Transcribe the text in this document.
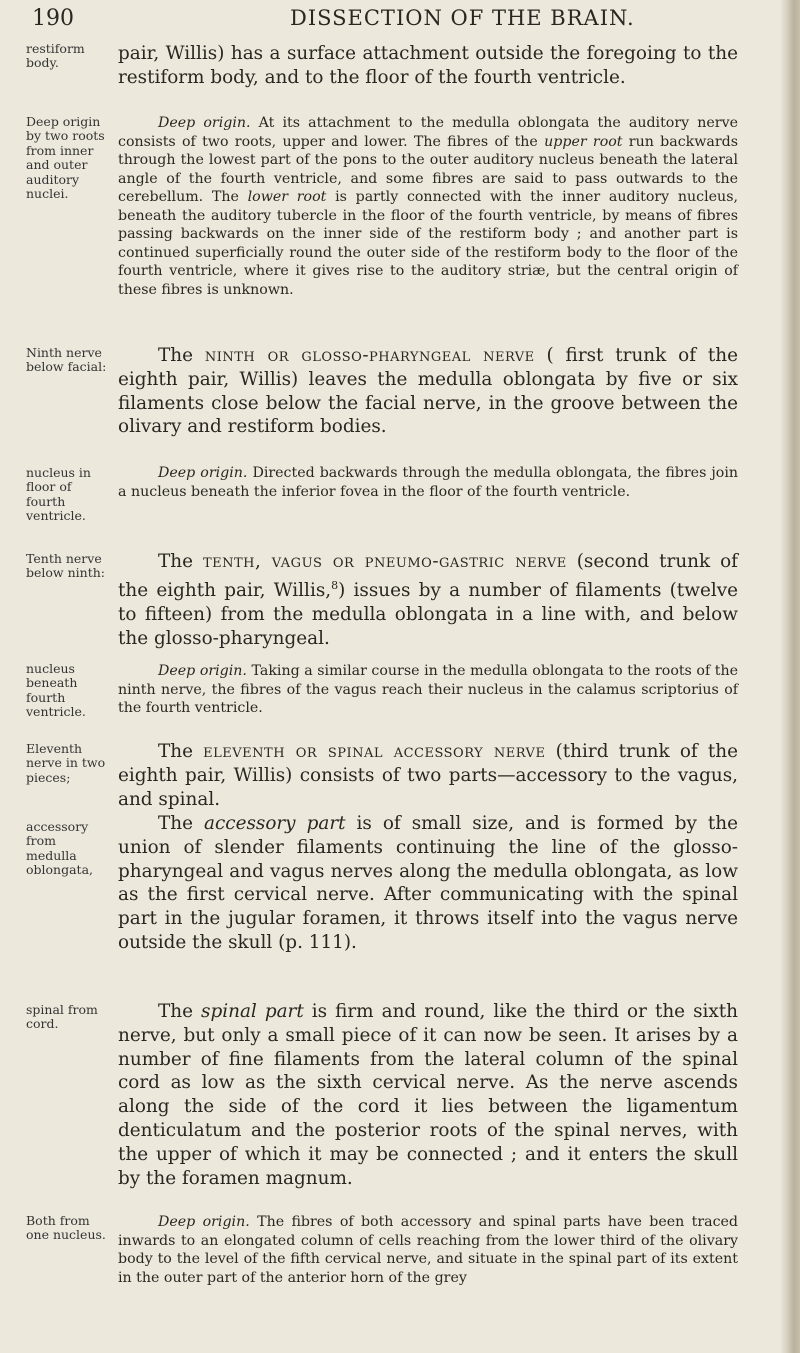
190	DISSECTION OF THE BRAIN.
restiform body.
Deep origin by two roots from inner and outer auditory nuclei.
Ninth nerve below facial:
nucleus in floor of fourth ventricle.
Tenth nerve below ninth:
nucleus beneath fourth ventricle.
Eleventh nerve in two pieces;
accessory from medulla oblongata,
spinal from cord.
Both from one nucleus.

pair, Willis) has a surface attachment outside the foregoing to the restiform body, and to the floor of the fourth ventricle.

Deep origin. At its attachment to the medulla oblongata the auditory nerve consists of two roots, upper and lower. The fibres of the upper root run backwards through the lowest part of the pons to the outer auditory nucleus beneath the lateral angle of the fourth ventricle, and some fibres are said to pass outwards to the cerebellum. The lower root is partly connected with the inner auditory nucleus, beneath the auditory tubercle in the floor of the fourth ventricle, by means of fibres passing backwards on the inner side of the restiform body ; and another part is continued superficially round the outer side of the restiform body to the floor of the fourth ventricle, where it gives rise to the auditory striæ, but the central origin of these fibres is unknown.

The ninth or glosso-pharyngeal nerve ( first trunk of the eighth pair, Willis) leaves the medulla oblongata by five or six filaments close below the facial nerve, in the groove between the olivary and restiform bodies.

Deep origin. Directed backwards through the medulla oblongata, the fibres join a nucleus beneath the inferior fovea in the floor of the fourth ventricle.

The tenth, vagus or pneumo-gastric nerve (second trunk of the eighth pair, Willis,$^8$) issues by a number of filaments (twelve to fifteen) from the medulla oblongata in a line with, and below the glosso-pharyngeal.

Deep origin. Taking a similar course in the medulla oblongata to the roots of the ninth nerve, the fibres of the vagus reach their nucleus in the calamus scriptorius of the fourth ventricle.

The eleventh or spinal accessory nerve (third trunk of the eighth pair, Willis) consists of two parts—accessory to the vagus, and spinal.

The accessory part is of small size, and is formed by the union of slender filaments continuing the line of the glosso-pharyngeal and vagus nerves along the medulla oblongata, as low as the first cervical nerve. After communicating with the spinal part in the jugular foramen, it throws itself into the vagus nerve outside the skull (p. 111).

The spinal part is firm and round, like the third or the sixth nerve, but only a small piece of it can now be seen. It arises by a number of fine filaments from the lateral column of the spinal cord as low as the sixth cervical nerve. As the nerve ascends along the side of the cord it lies between the ligamentum denticulatum and the posterior roots of the spinal nerves, with the upper of which it may be connected ; and it enters the skull by the foramen magnum.

Deep origin. The fibres of both accessory and spinal parts have been traced inwards to an elongated column of cells reaching from the lower third of the olivary body to the level of the fifth cervical nerve, and situate in the spinal part of its extent in the outer part of the anterior horn of the grey
